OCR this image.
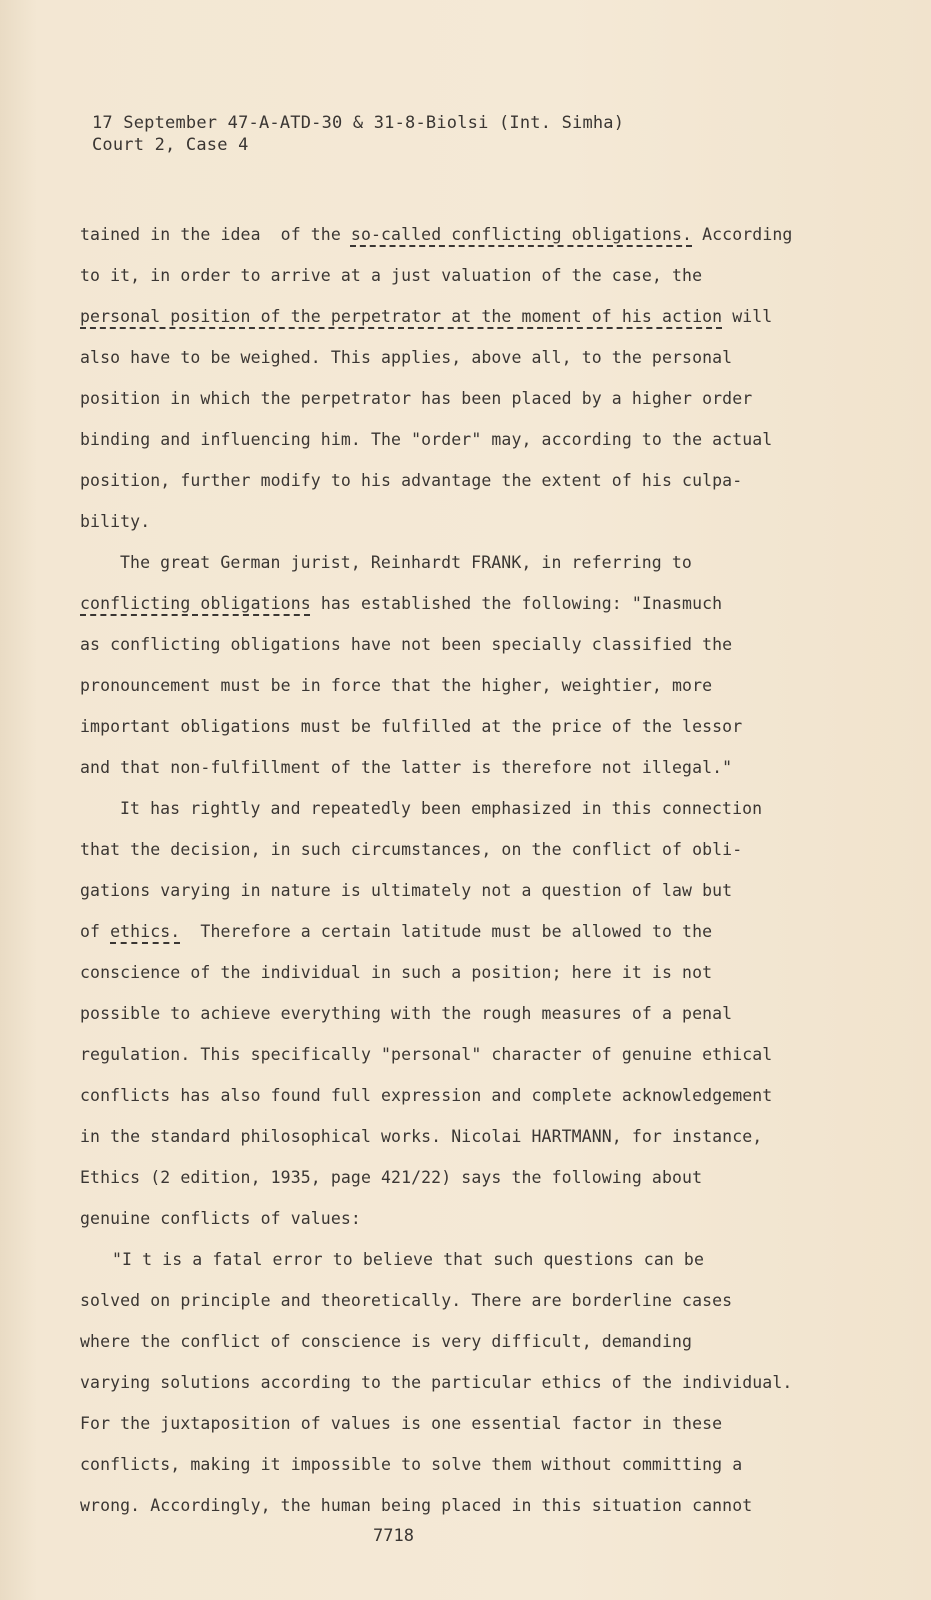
17 September 47-A-ATD-30 & 31-8-Biolsi (Int. Simha)
Court 2, Case 4
tained in the idea  of the so-called conflicting obligations. According
to it, in order to arrive at a just valuation of the case, the
personal position of the perpetrator at the moment of his action will
also have to be weighed. This applies, above all, to the personal
position in which the perpetrator has been placed by a higher order
binding and influencing him. The "order" may, according to the actual
position, further modify to his advantage the extent of his culpa-
bility.
The great German jurist, Reinhardt FRANK, in referring to
conflicting obligations has established the following: "Inasmuch
as conflicting obligations have not been specially classified the
pronouncement must be in force that the higher, weightier, more
important obligations must be fulfilled at the price of the lessor
and that non-fulfillment of the latter is therefore not illegal."
It has rightly and repeatedly been emphasized in this connection
that the decision, in such circumstances, on the conflict of obli-
gations varying in nature is ultimately not a question of law but
of ethics.  Therefore a certain latitude must be allowed to the
conscience of the individual in such a position; here it is not
possible to achieve everything with the rough measures of a penal
regulation. This specifically "personal" character of genuine ethical
conflicts has also found full expression and complete acknowledgement
in the standard philosophical works. Nicolai HARTMANN, for instance,
Ethics (2 edition, 1935, page 421/22) says the following about
genuine conflicts of values:
"I t is a fatal error to believe that such questions can be
solved on principle and theoretically. There are borderline cases
where the conflict of conscience is very difficult, demanding
varying solutions according to the particular ethics of the individual.
For the juxtaposition of values is one essential factor in these
conflicts, making it impossible to solve them without committing a
wrong. Accordingly, the human being placed in this situation cannot
7718
